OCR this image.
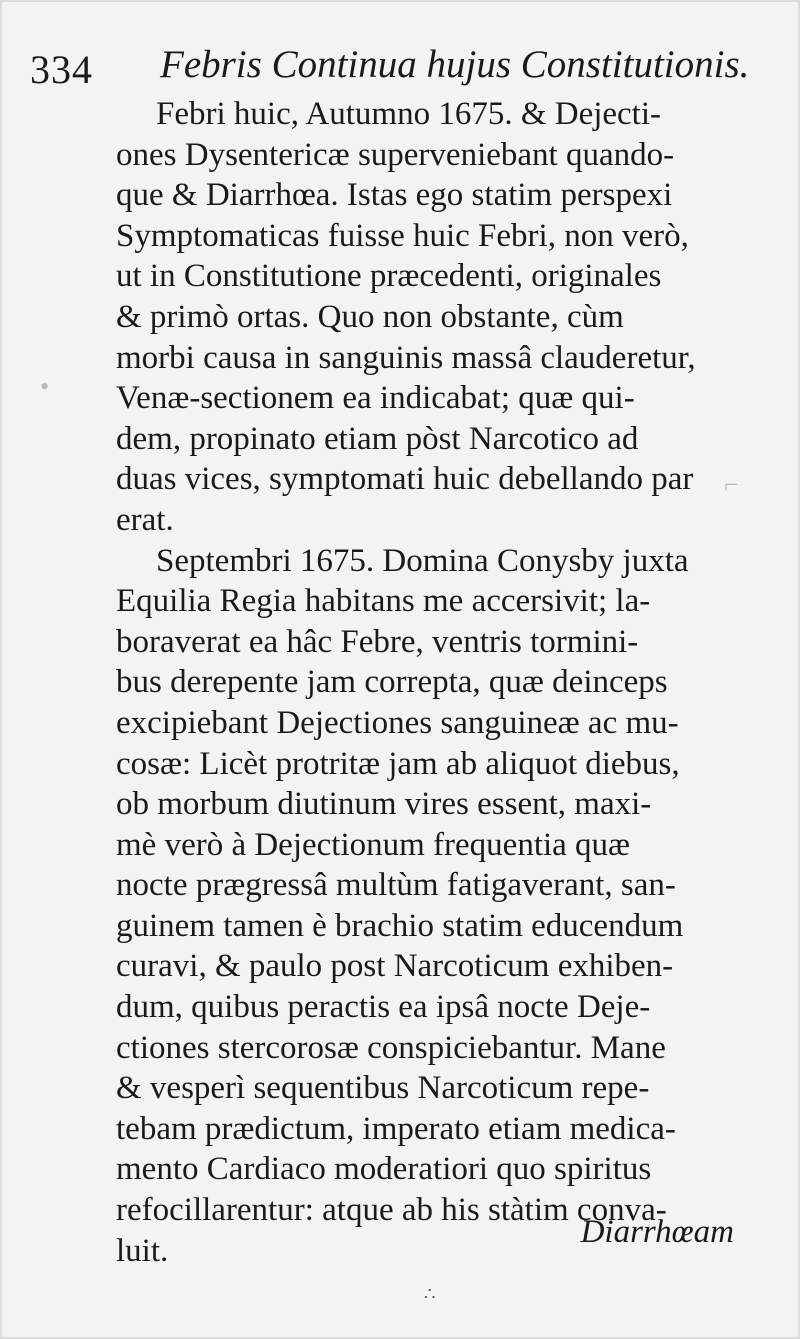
⌐
•
334 Febris Continua hujus Constitutionis.
Febri huic, Autumno 1675. & Dejecti-
ones Dysentericæ superveniebant quando-
que & Diarrhœa. Istas ego statim perspexi
Symptomaticas fuisse huic Febri, non verò,
ut in Constitutione præcedenti, originales
& primò ortas. Quo non obstante, cùm
morbi causa in sanguinis massâ clauderetur,
Venæ-sectionem ea indicabat; quæ qui-
dem, propinato etiam pòst Narcotico ad
duas vices, symptomati huic debellando par
erat.
Septembri 1675. Domina Conysby juxta
Equilia Regia habitans me accersivit; la-
boraverat ea hâc Febre, ventris tormini-
bus derepente jam correpta, quæ deinceps
excipiebant Dejectiones sanguineæ ac mu-
cosæ: Licèt protritæ jam ab aliquot diebus,
ob morbum diutinum vires essent, maxi-
mè verò à Dejectionum frequentia quæ
nocte prægressâ multùm fatigaverant, san-
guinem tamen è brachio statim educendum
curavi, & paulo post Narcoticum exhiben-
dum, quibus peractis ea ipsâ nocte Deje-
ctiones stercorosæ conspiciebantur. Mane
& vesperì sequentibus Narcoticum repe-
tebam prædictum, imperato etiam medica-
mento Cardiaco moderatiori quo spiritus
refocillarentur: atque ab his stàtim conva-
luit.
Diarrhœam
∴
